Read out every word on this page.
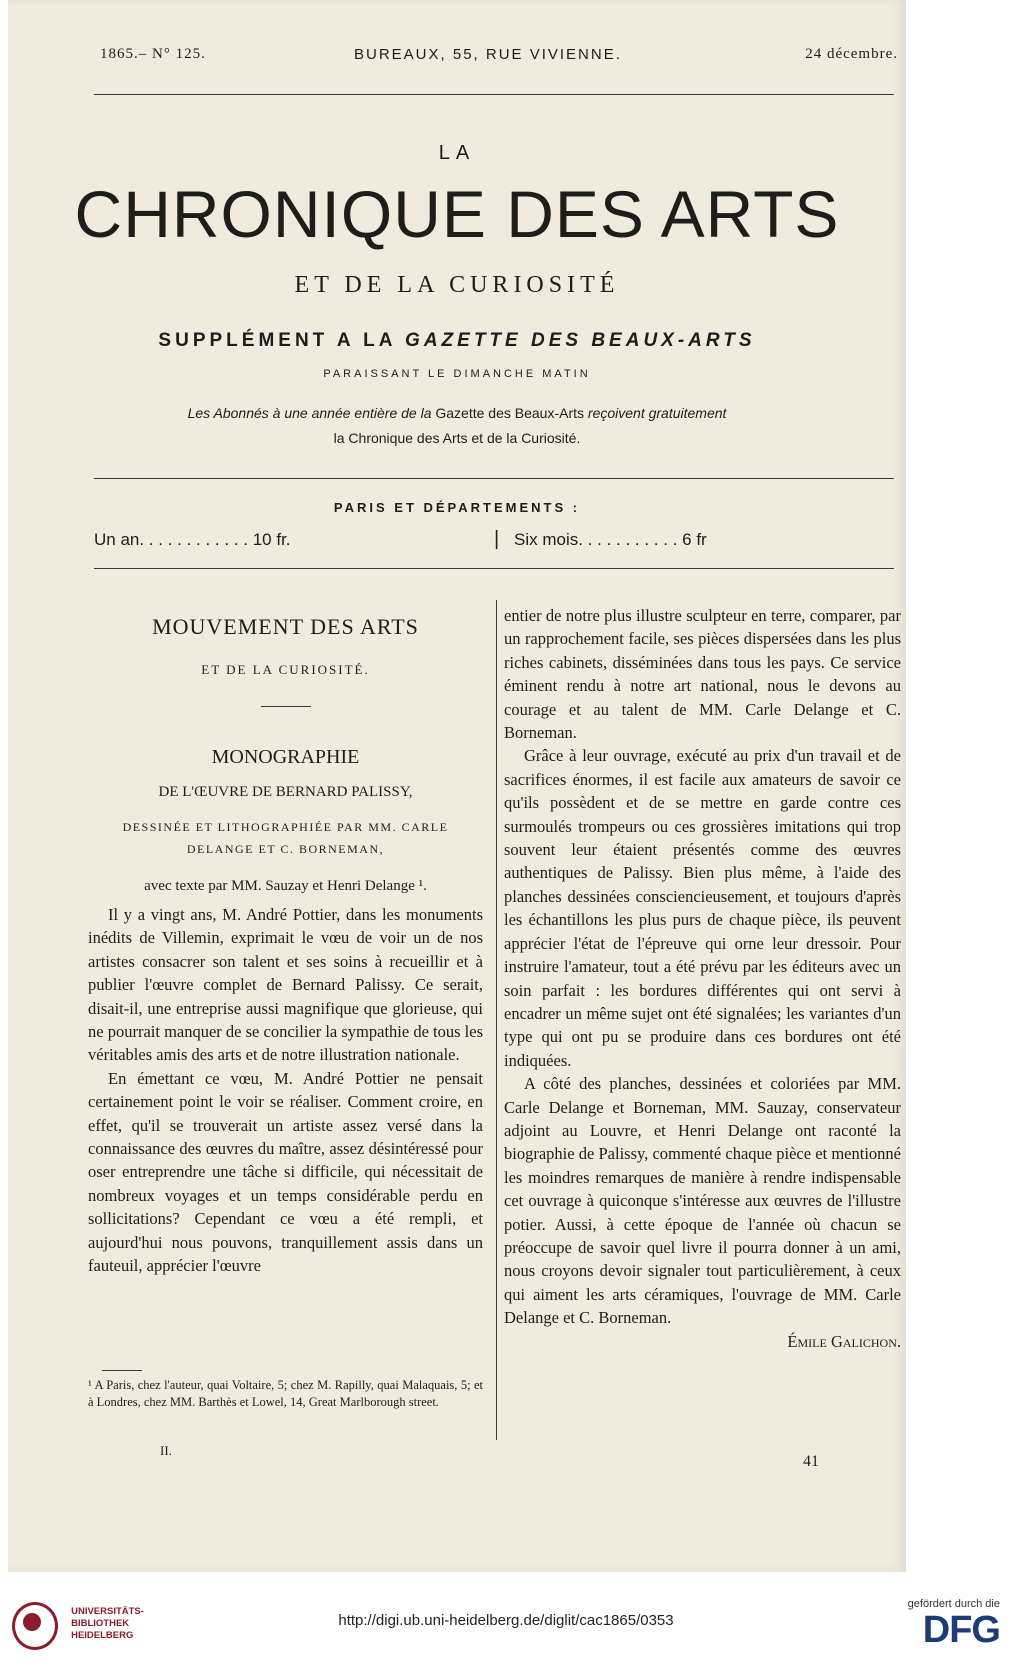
1865.– N° 125.	BUREAUX, 55, RUE VIVIENNE.	24 décembre.
LA
CHRONIQUE DES ARTS
ET DE LA CURIOSITÉ
SUPPLÉMENT A LA GAZETTE DES BEAUX-ARTS
PARAISSANT LE DIMANCHE MATIN
Les Abonnés à une année entière de la Gazette des Beaux-Arts reçoivent gratuitement
la Chronique des Arts et de la Curiosité.
PARIS ET DÉPARTEMENTS :
Un an. . . . . . . . . . . . 10 fr.	| Six mois. . . . . . . . . . . 6 fr
MOUVEMENT DES ARTS
ET DE LA CURIOSITÉ.
MONOGRAPHIE
DE L'ŒUVRE DE BERNARD PALISSY,
DESSINÉE ET LITHOGRAPHIÉE PAR MM. CARLE DELANGE ET C. BORNEMAN,
avec texte par MM. Sauzay et Henri Delange ¹.

Il y a vingt ans, M. André Pottier, dans les monuments inédits de Villemin, exprimait le vœu de voir un de nos artistes consacrer son talent et ses soins à recueillir et à publier l'œuvre complet de Bernard Palissy. Ce serait, disait-il, une entreprise aussi magnifique que glorieuse, qui ne pourrait manquer de se concilier la sympathie de tous les véritables amis des arts et de notre illustration nationale.

En émettant ce vœu, M. André Pottier ne pensait certainement point le voir se réaliser. Comment croire, en effet, qu'il se trouverait un artiste assez versé dans la connaissance des œuvres du maître, assez désintéressé pour oser entreprendre une tâche si difficile, qui nécessitait de nombreux voyages et un temps considérable perdu en sollicitations? Cependant ce vœu a été rempli, et aujourd'hui nous pouvons, tranquillement assis dans un fauteuil, apprécier l'œuvre

¹ A Paris, chez l'auteur, quai Voltaire, 5; chez M. Rapilly, quai Malaquais, 5; et à Londres, chez MM. Barthès et Lowel, 14, Great Marlborough street.
II.

entier de notre plus illustre sculpteur en terre, comparer, par un rapprochement facile, ses pièces dispersées dans les plus riches cabinets, disséminées dans tous les pays. Ce service éminent rendu à notre art national, nous le devons au courage et au talent de MM. Carle Delange et C. Borneman.

Grâce à leur ouvrage, exécuté au prix d'un travail et de sacrifices énormes, il est facile aux amateurs de savoir ce qu'ils possèdent et de se mettre en garde contre ces surmoulés trompeurs ou ces grossières imitations qui trop souvent leur étaient présentés comme des œuvres authentiques de Palissy. Bien plus même, à l'aide des planches dessinées consciencieusement, et toujours d'après les échantillons les plus purs de chaque pièce, ils peuvent apprécier l'état de l'épreuve qui orne leur dressoir. Pour instruire l'amateur, tout a été prévu par les éditeurs avec un soin parfait : les bordures différentes qui ont servi à encadrer un même sujet ont été signalées; les variantes d'un type qui ont pu se produire dans ces bordures ont été indiquées.

A côté des planches, dessinées et coloriées par MM. Carle Delange et Borneman, MM. Sauzay, conservateur adjoint au Louvre, et Henri Delange ont raconté la biographie de Palissy, commenté chaque pièce et mentionné les moindres remarques de manière à rendre indispensable cet ouvrage à quiconque s'intéresse aux œuvres de l'illustre potier. Aussi, à cette époque de l'année où chacun se préoccupe de savoir quel livre il pourra donner à un ami, nous croyons devoir signaler tout particulièrement, à ceux qui aiment les arts céramiques, l'ouvrage de MM. Carle Delange et C. Borneman.

Émile Galichon.
41
UNIVERSITÄTS-
BIBLIOTHEK
HEIDELBERG
http://digi.ub.uni-heidelberg.de/diglit/cac1865/0353
gefördert durch die
DFG
